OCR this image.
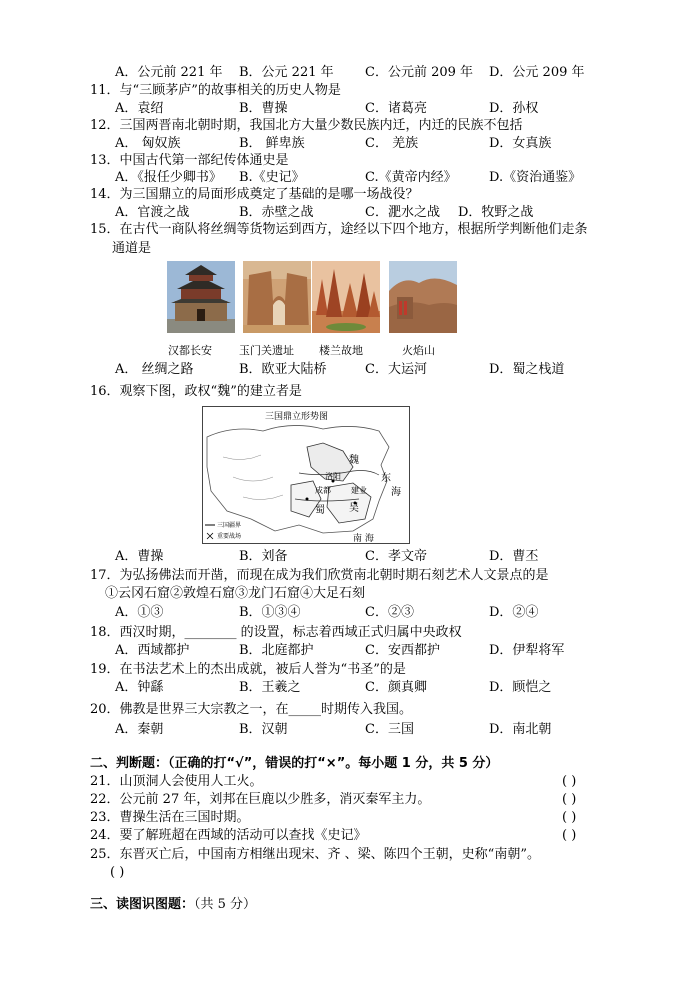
A．公元前 221 年 B．公元 221 年 C．公元前 209 年 D．公元 209 年
11．与“三顾茅庐”的故事相关的历史人物是
A．袁绍	B．曹操	C．诸葛亮	D．孙权
12．三国两晋南北朝时期，我国北方大量少数民族内迁，内迁的民族不包括
A． 匈奴族	B． 鲜卑族	C． 羌族	D．女真族
13．中国古代第一部纪传体通史是
A．《报任少卿书》 B.《史记》	C.《黄帝内经》 D.《资治通鉴》
14．为三国鼎立的局面形成奠定了基础的是哪一场战役？
A．官渡之战	B．赤壁之战	C．淝水之战 D．牧野之战
15．在古代一商队将丝绸等货物运到西方，途经以下四个地方，根据所学判断他们走条
通道是
汉都长安 玉门关遗址 楼兰故地	火焰山
A． 丝绸之路	B．欧亚大陆桥	C．大运河	D．蜀之栈道
16．观察下图，政权“魏”的建立者是
三国鼎立形势图
魏
洛阳
成都	建业
蜀 吴
东
海
南 海
三国疆界
重要战场
A．曹操	B．刘备	C．孝文帝	D．曹丕
17．为弘扬佛法而开凿，而现在成为我们欣赏南北朝时期石刻艺术人文景点的是
①云冈石窟②敦煌石窟③龙门石窟④大足石刻
A．①③	B．①③④	C．②③	D．②④
18．西汉时期，________ 的设置，标志着西域正式归属中央政权
A．西域都护	B．北庭都护	C．安西都护	D．伊犁将军
19．在书法艺术上的杰出成就，被后人誉为“书圣”的是
A．钟繇	B．王羲之	C．颜真卿	D．顾恺之
20．佛教是世界三大宗教之一，在_____时期传入我国。
A．秦朝	B．汉朝	C．三国	D．南北朝
二、判断题：（正确的打“√”，错误的打“×”。每小题 1 分，共 5 分）
21．山顶洞人会使用人工火。	( )
22．公元前 27 年，刘邦在巨鹿以少胜多，消灭秦军主力。	( )
23．曹操生活在三国时期。	( )
24．要了解班超在西域的活动可以查找《史记》	( )
25．东晋灭亡后，中国南方相继出现宋、齐 、梁、陈四个王朝，史称“南朝”。
( )
三、读图识图题：（共 5 分）
